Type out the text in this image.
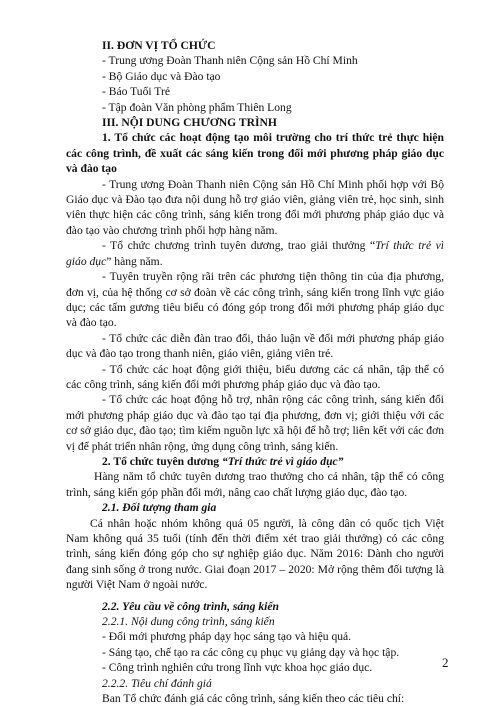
II. ĐƠN VỊ TỔ CHỨC

- Trung ương Đoàn Thanh niên Cộng sản Hồ Chí Minh

- Bộ Giáo dục và Đào tạo

- Báo Tuổi Trẻ

- Tập đoàn Văn phòng phẩm Thiên Long

III. NỘI DUNG CHƯƠNG TRÌNH

1. Tổ chức các hoạt động tạo môi trường cho trí thức trẻ thực hiện các công trình, đề xuất các sáng kiến trong đổi mới phương pháp giáo dục và đào tạo

- Trung ương Đoàn Thanh niên Cộng sản Hồ Chí Minh phối hợp với Bộ Giáo dục và Đào tạo đưa nội dung hỗ trợ giáo viên, giảng viên trẻ, học sinh, sinh viên thực hiện các công trình, sáng kiến trong đổi mới phương pháp giáo dục và đào tạo vào chương trình phối hợp hàng năm.

- Tổ chức chương trình tuyên dương, trao giải thưởng “Trí thức trẻ vì giáo dục” hàng năm.

- Tuyên truyền rộng rãi trên các phương tiện thông tin của địa phương, đơn vị, của hệ thống cơ sở đoàn về các công trình, sáng kiến trong lĩnh vực giáo dục; các tấm gương tiêu biểu có đóng góp trong đổi mới phương pháp giáo dục và đào tạo.

- Tổ chức các diễn đàn trao đổi, thảo luận về đổi mới phương pháp giáo dục và đào tạo trong thanh niên, giáo viên, giảng viên trẻ.

- Tổ chức các hoạt động giới thiệu, biểu dương các cá nhân, tập thể có các công trình, sáng kiến đổi mới phương pháp giáo dục và đào tạo.

- Tổ chức các hoạt động hỗ trợ, nhân rộng các công trình, sáng kiến đổi mới phương pháp giáo dục và đào tạo tại địa phương, đơn vị; giới thiệu với các cơ sở giáo dục, đào tạo; tìm kiếm nguồn lực xã hội để hỗ trợ; liên kết với các đơn vị để phát triển nhân rộng, ứng dụng công trình, sáng kiến.

2. Tổ chức tuyên dương “Trí thức trẻ vì giáo dục”

Hàng năm tổ chức tuyên dương trao thưởng cho cá nhân, tập thể có công trình, sáng kiến góp phần đổi mới, nâng cao chất lượng giáo dục, đào tạo.

2.1. Đối tượng tham gia

Cá nhân hoặc nhóm không quá 05 người, là công dân có quốc tịch Việt Nam không quá 35 tuổi (tính đến thời điểm xét trao giải thưởng) có các công trình, sáng kiến đóng góp cho sự nghiệp giáo dục. Năm 2016: Dành cho người đang sinh sống ở trong nước. Giai đoạn 2017 – 2020: Mở rộng thêm đối tượng là người Việt Nam ở ngoài nước.

2.2. Yêu cầu về công trình, sáng kiến

2.2.1. Nội dung công trình, sáng kiến

- Đổi mới phương pháp dạy học sáng tạo và hiệu quả.

- Sáng tạo, chế tạo ra các công cụ phục vụ giảng dạy và học tập.

- Công trình nghiên cứu trong lĩnh vực khoa học giáo dục.

2.2.2. Tiêu chí đánh giá

Ban Tổ chức đánh giá các công trình, sáng kiến theo các tiêu chí:

2
